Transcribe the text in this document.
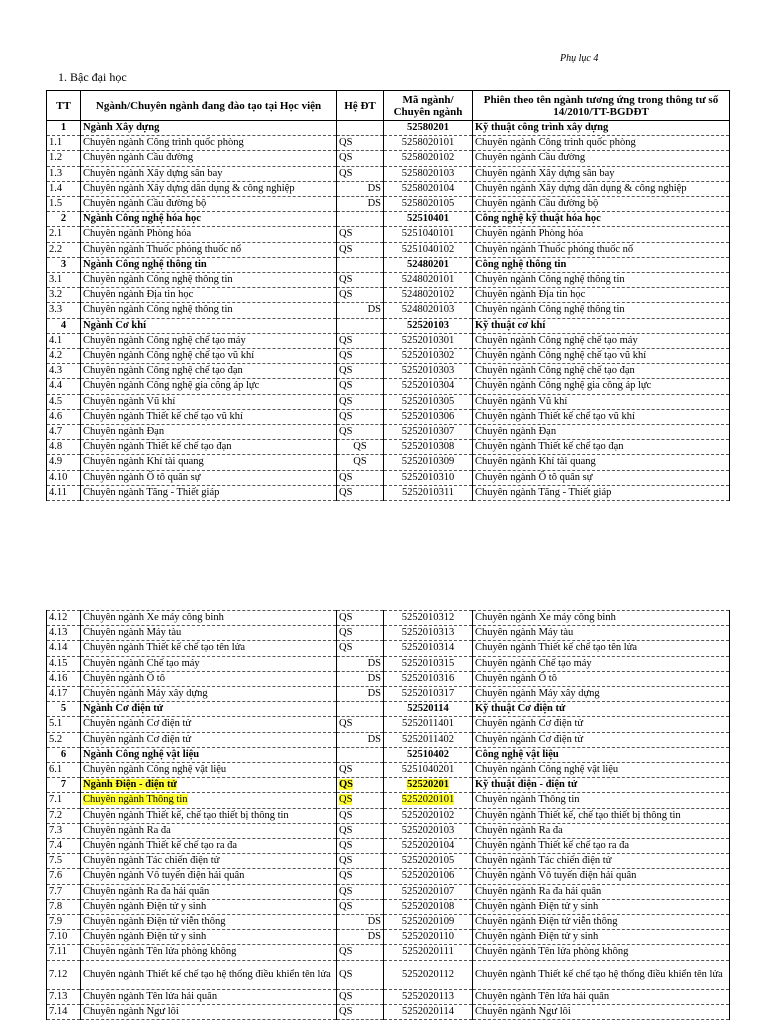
Phụ lục 4
1. Bậc đại học
TT	Ngành/Chuyên ngành đang đào tạo tại Học viện	Hệ ĐT	Mã ngành/ Chuyên ngành	Phiên theo tên ngành tương ứng trong thông tư số 14/2010/TT-BGDĐT
1	Ngành Xây dựng		52580201	Kỹ thuật công trình xây dựng
1.1	Chuyên ngành Công trình quốc phòng	QS	5258020101	Chuyên ngành Công trình quốc phòng
1.2	Chuyên ngành Cầu đường	QS	5258020102	Chuyên ngành Cầu đường
1.3	Chuyên ngành Xây dựng sân bay	QS	5258020103	Chuyên ngành Xây dựng sân bay
1.4	Chuyên ngành Xây dựng dân dụng & công nghiệp	DS	5258020104	Chuyên ngành Xây dựng dân dụng & công nghiệp
1.5	Chuyên ngành Cầu đường bộ	DS	5258020105	Chuyên ngành Cầu đường bộ
2	Ngành Công nghệ hóa học		52510401	Công nghệ kỹ thuật hóa học
2.1	Chuyên ngành Phòng hóa	QS	5251040101	Chuyên ngành Phòng hóa
2.2	Chuyên ngành Thuốc phóng thuốc nổ	QS	5251040102	Chuyên ngành Thuốc phóng thuốc nổ
3	Ngành Công nghệ thông tin		52480201	Công nghệ thông tin
3.1	Chuyên ngành Công nghệ thông tin	QS	5248020101	Chuyên ngành Công nghệ thông tin
3.2	Chuyên ngành Địa tin học	QS	5248020102	Chuyên ngành Địa tin học
3.3	Chuyên ngành Công nghệ thông tin	DS	5248020103	Chuyên ngành Công nghệ thông tin
4	Ngành Cơ khí		52520103	Kỹ thuật cơ khí
4.1	Chuyên ngành Công nghệ chế tạo máy	QS	5252010301	Chuyên ngành Công nghệ chế tạo máy
4.2	Chuyên ngành Công nghệ chế tạo vũ khí	QS	5252010302	Chuyên ngành Công nghệ chế tạo vũ khí
4.3	Chuyên ngành Công nghệ chế tạo đạn	QS	5252010303	Chuyên ngành Công nghệ chế tạo đạn
4.4	Chuyên ngành Công nghệ gia công áp lực	QS	5252010304	Chuyên ngành Công nghệ gia công áp lực
4.5	Chuyên ngành Vũ khí	QS	5252010305	Chuyên ngành Vũ khí
4.6	Chuyên ngành Thiết kế chế tạo vũ khí	QS	5252010306	Chuyên ngành Thiết kế chế tạo vũ khí
4.7	Chuyên ngành Đạn	QS	5252010307	Chuyên ngành Đạn
4.8	Chuyên ngành Thiết kế chế tạo đạn	QS	5252010308	Chuyên ngành Thiết kế chế tạo đạn
4.9	Chuyên ngành Khí tài quang	QS	5252010309	Chuyên ngành Khí tài quang
4.10	Chuyên ngành Ô tô quân sự	QS	5252010310	Chuyên ngành Ô tô quân sự
4.11	Chuyên ngành Tăng - Thiết giáp	QS	5252010311	Chuyên ngành Tăng - Thiết giáp
4.12	Chuyên ngành Xe máy công binh	QS	5252010312	Chuyên ngành Xe máy công binh
4.13	Chuyên ngành Máy tàu	QS	5252010313	Chuyên ngành Máy tàu
4.14	Chuyên ngành Thiết kế chế tạo tên lửa	QS	5252010314	Chuyên ngành Thiết kế chế tạo tên lửa
4.15	Chuyên ngành Chế tạo máy	DS	5252010315	Chuyên ngành Chế tạo máy
4.16	Chuyên ngành Ô tô	DS	5252010316	Chuyên ngành Ô tô
4.17	Chuyên ngành Máy xây dựng	DS	5252010317	Chuyên ngành Máy xây dựng
5	Ngành Cơ điện tử		52520114	Kỹ thuật Cơ điện tử
5.1	Chuyên ngành Cơ điện tử	QS	5252011401	Chuyên ngành Cơ điện tử
5.2	Chuyên ngành Cơ điện tử	DS	5252011402	Chuyên ngành Cơ điện tử
6	Ngành Công nghệ vật liệu		52510402	Công nghệ vật liệu
6.1	Chuyên ngành Công nghệ vật liệu	QS	5251040201	Chuyên ngành Công nghệ vật liệu
7	Ngành Điện - điện tử	QS	52520201	Kỹ thuật điện - điện tử
7.1	Chuyên ngành Thông tin	QS	5252020101	Chuyên ngành Thông tin
7.2	Chuyên ngành Thiết kế, chế tạo thiết bị thông tin	QS	5252020102	Chuyên ngành Thiết kế, chế tạo thiết bị thông tin
7.3	Chuyên ngành Ra đa	QS	5252020103	Chuyên ngành Ra đa
7.4	Chuyên ngành Thiết kế chế tạo ra đa	QS	5252020104	Chuyên ngành Thiết kế chế tạo ra đa
7.5	Chuyên ngành Tác chiến điện tử	QS	5252020105	Chuyên ngành Tác chiến điện tử
7.6	Chuyên ngành Vô tuyến điện hải quân	QS	5252020106	Chuyên ngành Vô tuyến điện hải quân
7.7	Chuyên ngành Ra đa hải quân	QS	5252020107	Chuyên ngành Ra đa hải quân
7.8	Chuyên ngành Điện tử y sinh	QS	5252020108	Chuyên ngành Điện tử y sinh
7.9	Chuyên ngành Điện tử viễn thông	DS	5252020109	Chuyên ngành Điện tử viễn thông
7.10	Chuyên ngành Điện tử y sinh	DS	5252020110	Chuyên ngành Điện tử y sinh
7.11	Chuyên ngành Tên lửa phòng không	QS	5252020111	Chuyên ngành Tên lửa phòng không
7.12	Chuyên ngành Thiết kế chế tạo hệ thống điều khiển tên lửa	QS	5252020112	Chuyên ngành Thiết kế chế tạo hệ thống điều khiển tên lửa
7.13	Chuyên ngành Tên lửa hải quân	QS	5252020113	Chuyên ngành Tên lửa hải quân
7.14	Chuyên ngành Ngư lôi	QS	5252020114	Chuyên ngành Ngư lôi
